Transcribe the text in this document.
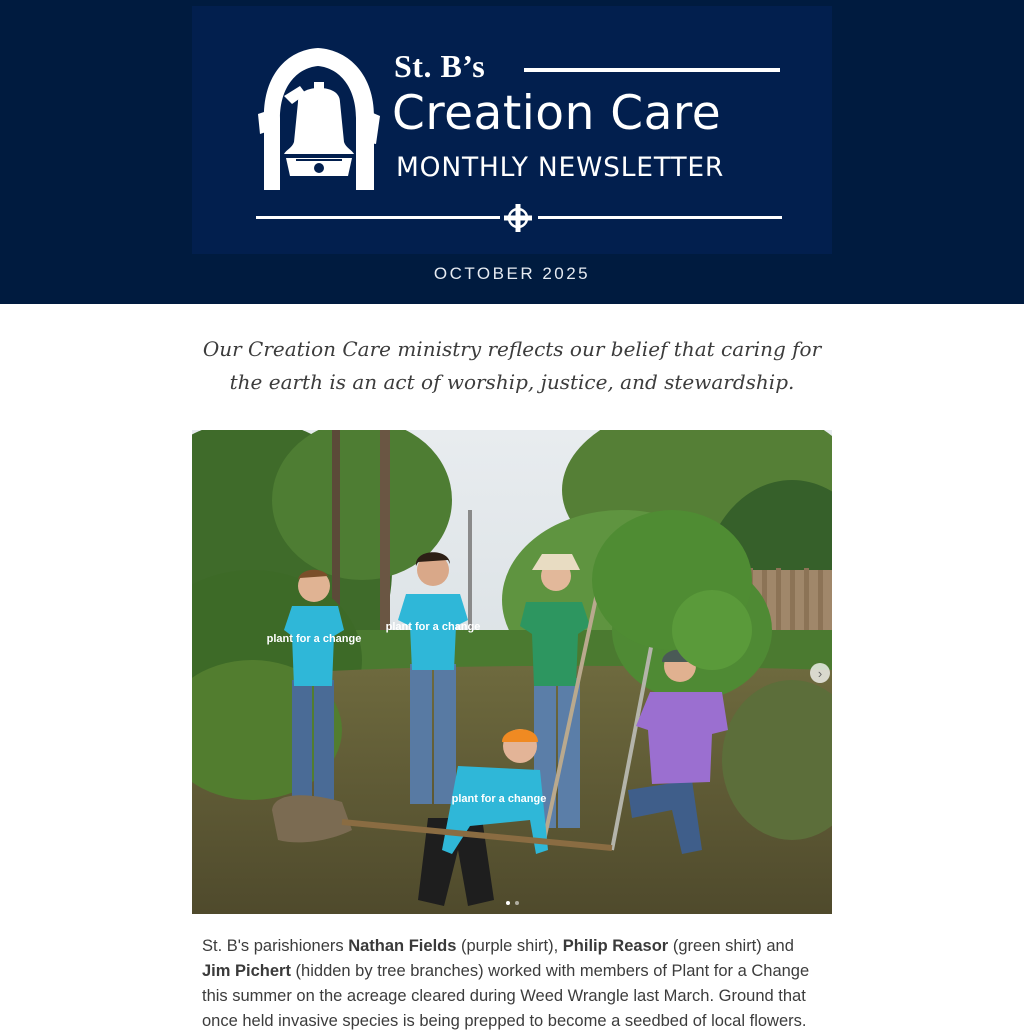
St. B’s
Creation Care
MONTHLY NEWSLETTER
OCTOBER 2025
Our Creation Care ministry reflects our belief that caring for the earth is an act of worship, justice, and stewardship.
plant for a change
plant for a change
plant for a change
›
St. B's parishioners Nathan Fields (purple shirt), Philip Reasor (green shirt) and Jim Pichert (hidden by tree branches) worked with members of Plant for a Change this summer on the acreage cleared during Weed Wrangle last March. Ground that once held invasive species is being prepped to become a seedbed of local flowers.
